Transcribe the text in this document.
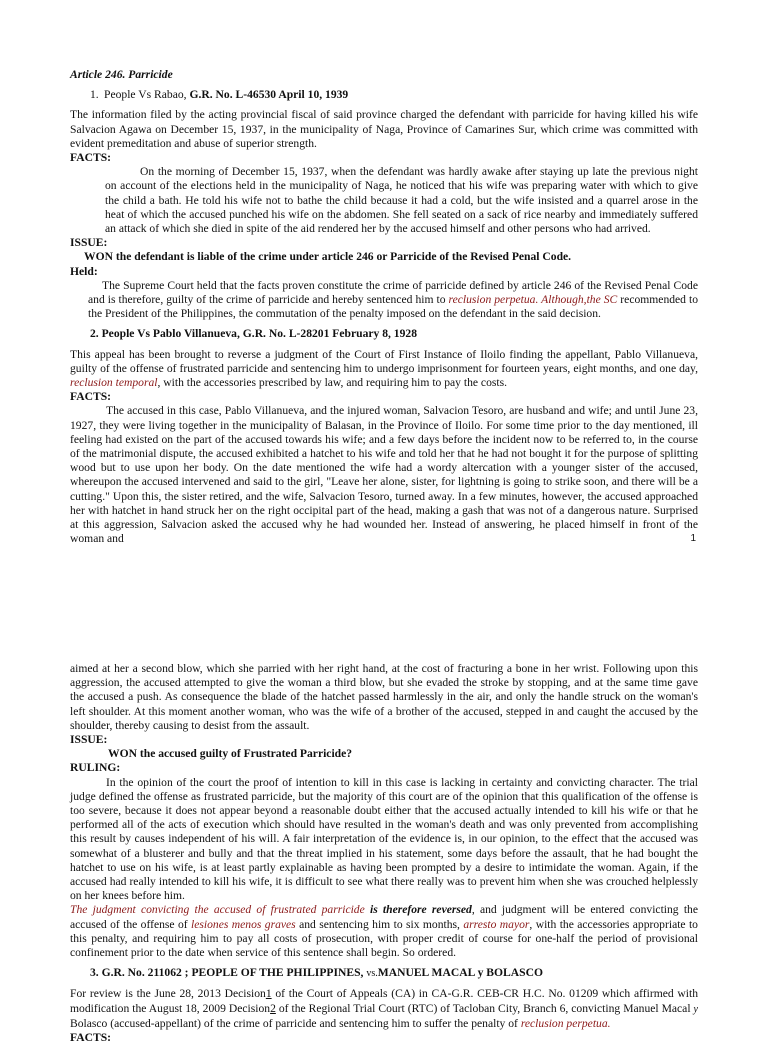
Article 246. Parricide

1. People Vs Rabao, G.R. No. L-46530 April 10, 1939

The information filed by the acting provincial fiscal of said province charged the defendant with parricide for having killed his wife Salvacion Agawa on December 15, 1937, in the municipality of Naga, Province of Camarines Sur, which crime was committed with evident premeditation and abuse of superior strength.

FACTS:

On the morning of December 15, 1937, when the defendant was hardly awake after staying up late the previous night on account of the elections held in the municipality of Naga, he noticed that his wife was preparing water with which to give the child a bath. He told his wife not to bathe the child because it had a cold, but the wife insisted and a quarrel arose in the heat of which the accused punched his wife on the abdomen. She fell seated on a sack of rice nearby and immediately suffered an attack of which she died in spite of the aid rendered her by the accused himself and other persons who had arrived.

ISSUE:

WON the defendant is liable of the crime under article 246 or Parricide of the Revised Penal Code.

Held:

The Supreme Court held that the facts proven constitute the crime of parricide defined by article 246 of the Revised Penal Code and is therefore, guilty of the crime of parricide and hereby sentenced him to reclusion perpetua. Although,the SC recommended to the President of the Philippines, the commutation of the penalty imposed on the defendant in the said decision.

2. People Vs Pablo Villanueva, G.R. No. L-28201 February 8, 1928

This appeal has been brought to reverse a judgment of the Court of First Instance of Iloilo finding the appellant, Pablo Villanueva, guilty of the offense of frustrated parricide and sentencing him to undergo imprisonment for fourteen years, eight months, and one day, reclusion temporal, with the accessories prescribed by law, and requiring him to pay the costs.

FACTS:

The accused in this case, Pablo Villanueva, and the injured woman, Salvacion Tesoro, are husband and wife; and until June 23, 1927, they were living together in the municipality of Balasan, in the Province of Iloilo. For some time prior to the day mentioned, ill feeling had existed on the part of the accused towards his wife; and a few days before the incident now to be referred to, in the course of the matrimonial dispute, the accused exhibited a hatchet to his wife and told her that he had not bought it for the purpose of splitting wood but to use upon her body. On the date mentioned the wife had a wordy altercation with a younger sister of the accused, whereupon the accused intervened and said to the girl, "Leave her alone, sister, for lightning is going to strike soon, and there will be a cutting." Upon this, the sister retired, and the wife, Salvacion Tesoro, turned away. In a few minutes, however, the accused approached her with hatchet in hand struck her on the right occipital part of the head, making a gash that was not of a dangerous nature. Surprised at this aggression, Salvacion asked the accused why he had wounded her. Instead of answering, he placed himself in front of the woman and	1

aimed at her a second blow, which she parried with her right hand, at the cost of fracturing a bone in her wrist. Following upon this aggression, the accused attempted to give the woman a third blow, but she evaded the stroke by stopping, and at the same time gave the accused a push. As consequence the blade of the hatchet passed harmlessly in the air, and only the handle struck on the woman's left shoulder. At this moment another woman, who was the wife of a brother of the accused, stepped in and caught the accused by the shoulder, thereby causing to desist from the assault.

ISSUE:

WON the accused guilty of Frustrated Parricide?

RULING:

In the opinion of the court the proof of intention to kill in this case is lacking in certainty and convicting character. The trial judge defined the offense as frustrated parricide, but the majority of this court are of the opinion that this qualification of the offense is too severe, because it does not appear beyond a reasonable doubt either that the accused actually intended to kill his wife or that he performed all of the acts of execution which should have resulted in the woman's death and was only prevented from accomplishing this result by causes independent of his will. A fair interpretation of the evidence is, in our opinion, to the effect that the accused was somewhat of a blusterer and bully and that the threat implied in his statement, some days before the assault, that he had bought the hatchet to use on his wife, is at least partly explainable as having been prompted by a desire to intimidate the woman. Again, if the accused had really intended to kill his wife, it is difficult to see what there really was to prevent him when she was crouched helplessly on her knees before him.

The judgment convicting the accused of frustrated parricide is therefore reversed, and judgment will be entered convicting the accused of the offense of lesiones menos graves and sentencing him to six months, arresto mayor, with the accessories appropriate to this penalty, and requiring him to pay all costs of prosecution, with proper credit of course for one-half the period of provisional confinement prior to the date when service of this sentence shall begin. So ordered.

3. G.R. No. 211062 ; PEOPLE OF THE PHILIPPINES, vs.MANUEL MACAL y BOLASCO

For review is the June 28, 2013 Decision1 of the Court of Appeals (CA) in CA-G.R. CEB-CR H.C. No. 01209 which affirmed with modification the August 18, 2009 Decision2 of the Regional Trial Court (RTC) of Tacloban City, Branch 6, convicting Manuel Macal y Bolasco (accused-appellant) of the crime of parricide and sentencing him to suffer the penalty of reclusion perpetua.

FACTS:
